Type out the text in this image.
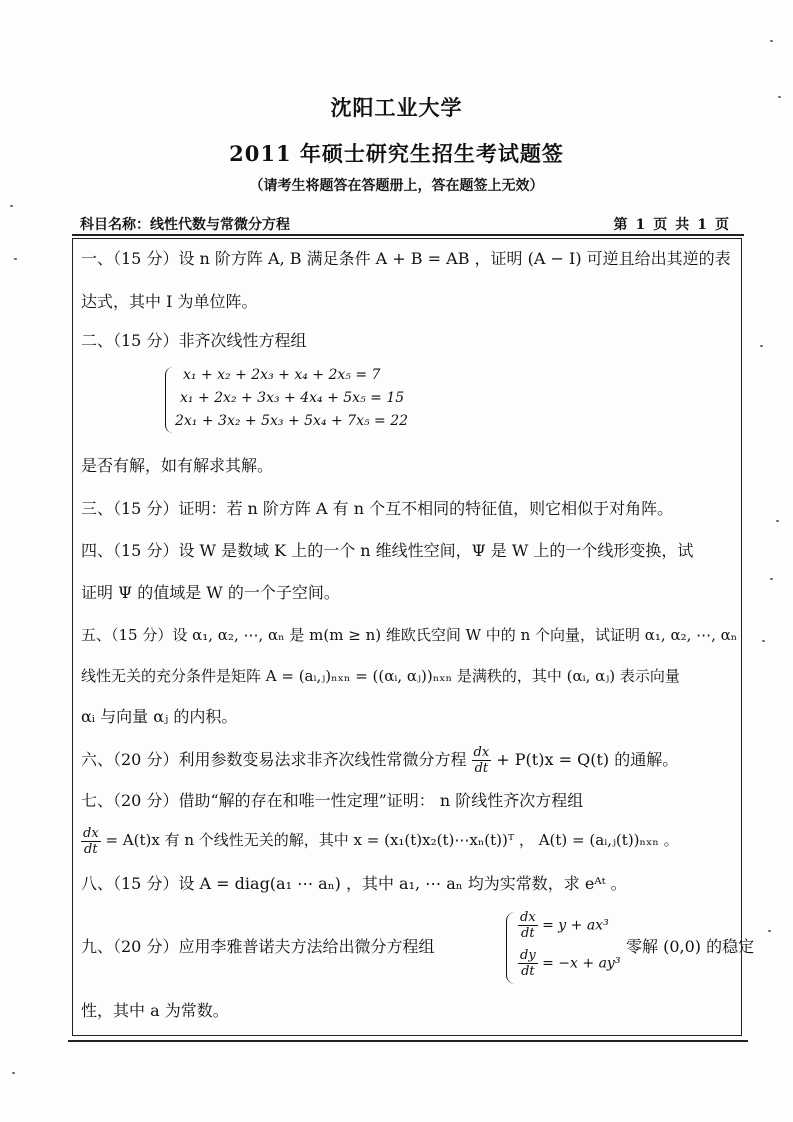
沈阳工业大学
2011 年硕士研究生招生考试题签
（请考生将题答在答题册上，答在题签上无效）
科目名称：线性代数与常微分方程	第 1 页 共 1 页
一、（15 分）设 n 阶方阵 A, B 满足条件 A + B = AB ，证明 (A − I) 可逆且给出其逆的表
达式，其中 I 为单位阵。
二、（15 分）非齐次线性方程组
x₁ + x₂ + 2x₃ + x₄ + 2x₅ = 7
x₁ + 2x₂ + 3x₃ + 4x₄ + 5x₅ = 15
2x₁ + 3x₂ + 5x₃ + 5x₄ + 7x₅ = 22
是否有解，如有解求其解。
三、（15 分）证明：若 n 阶方阵 A 有 n 个互不相同的特征值，则它相似于对角阵。
四、（15 分）设 W 是数域 K 上的一个 n 维线性空间，Ψ 是 W 上的一个线形变换，试
证明 Ψ 的值域是 W 的一个子空间。
五、（15 分）设 α₁, α₂, ⋯, αₙ 是 m(m ≥ n) 维欧氏空间 W 中的 n 个向量，试证明 α₁, α₂, ⋯, αₙ
线性无关的充分条件是矩阵 A = (aᵢ,ⱼ)ₙₓₙ = ((αᵢ, αⱼ))ₙₓₙ 是满秩的，其中 (αᵢ, αⱼ) 表示向量
αᵢ 与向量 αⱼ 的内积。
六、（20 分）利用参数变易法求非齐次线性常微分方程 $\frac{dx}{dt} + P(t)x = Q(t)$ 的通解。
七、（20 分）借助“解的存在和唯一性定理”证明： n 阶线性齐次方程组
$\frac{dx}{dt} = A(t)x$ 有 n 个线性无关的解，其中 x = (x₁(t)x₂(t)⋯xₙ(t))ᵀ ， A(t) = (aᵢ,ⱼ(t))ₙₓₙ 。
八、（15 分）设 A = diag(a₁ ⋯ aₙ) ，其中 a₁, ⋯ aₙ 均为实常数，求 eᴬᵗ 。
九、（20 分）应用李雅普诺夫方法给出微分方程组
$\frac{dx}{dt} = y + ax^3$
$\frac{dy}{dt} = -x + ay^3$
零解 (0,0) 的稳定
性，其中 a 为常数。
